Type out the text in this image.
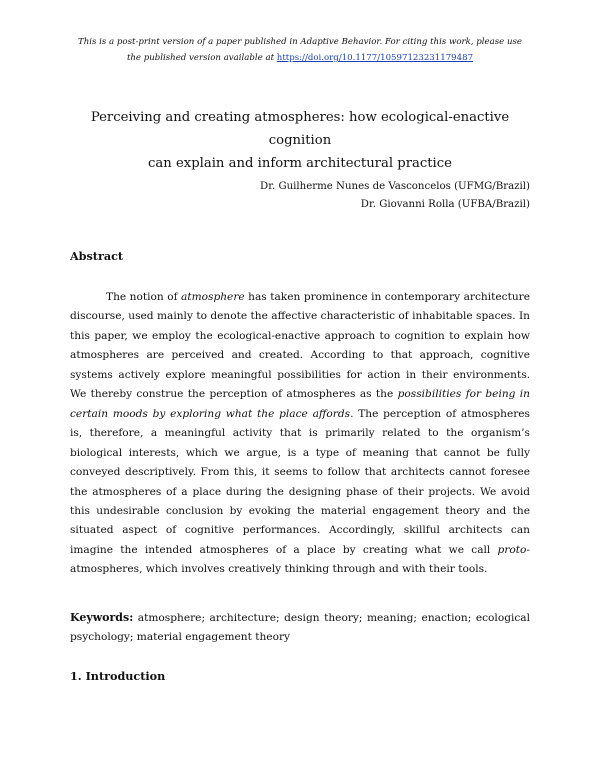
This is a post-print version of a paper published in Adaptive Behavior. For citing this work, please use
the published version available at https://doi.org/10.1177/10597123231179487
Perceiving and creating atmospheres: how ecological-enactive cognition
can explain and inform architectural practice
Dr. Guilherme Nunes de Vasconcelos (UFMG/Brazil)
Dr. Giovanni Rolla (UFBA/Brazil)
Abstract

The notion of atmosphere has taken prominence in contemporary architecture discourse, used mainly to denote the affective characteristic of inhabitable spaces. In this paper, we employ the ecological-enactive approach to cognition to explain how atmospheres are perceived and created. According to that approach, cognitive systems actively explore meaningful possibilities for action in their environments. We thereby construe the perception of atmospheres as the possibilities for being in certain moods by exploring what the place affords. The perception of atmospheres is, therefore, a meaningful activity that is primarily related to the organism’s biological interests, which we argue, is a type of meaning that cannot be fully conveyed descriptively. From this, it seems to follow that architects cannot foresee the atmospheres of a place during the designing phase of their projects. We avoid this undesirable conclusion by evoking the material engagement theory and the situated aspect of cognitive performances. Accordingly, skillful architects can imagine the intended atmospheres of a place by creating what we call proto-atmospheres, which involves creatively thinking through and with their tools.

Keywords: atmosphere; architecture; design theory; meaning; enaction; ecological psychology; material engagement theory

1. Introduction
